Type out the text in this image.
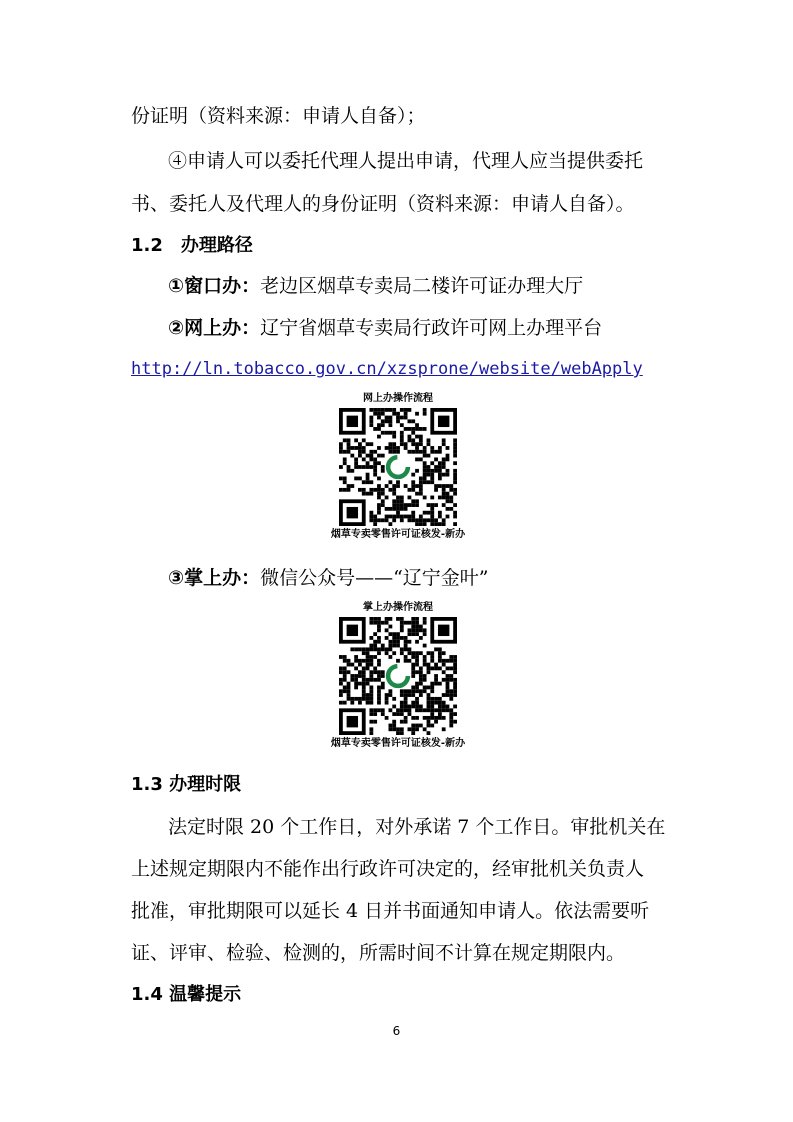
份证明（资料来源：申请人自备）；
④申请人可以委托代理人提出申请，代理人应当提供委托
书、委托人及代理人的身份证明（资料来源：申请人自备）。
1.2　办理路径
①窗口办：老边区烟草专卖局二楼许可证办理大厅
②网上办：辽宁省烟草专卖局行政许可网上办理平台
http://ln.tobacco.gov.cn/xzsprone/website/webApply
网上办操作流程
烟草专卖零售许可证核发-新办
③掌上办：微信公众号——“辽宁金叶”
掌上办操作流程
烟草专卖零售许可证核发-新办
1.3 办理时限
法定时限 20 个工作日，对外承诺 7 个工作日。审批机关在
上述规定期限内不能作出行政许可决定的，经审批机关负责人
批准，审批期限可以延长 4 日并书面通知申请人。依法需要听
证、评审、检验、检测的，所需时间不计算在规定期限内。
1.4 温馨提示
6
